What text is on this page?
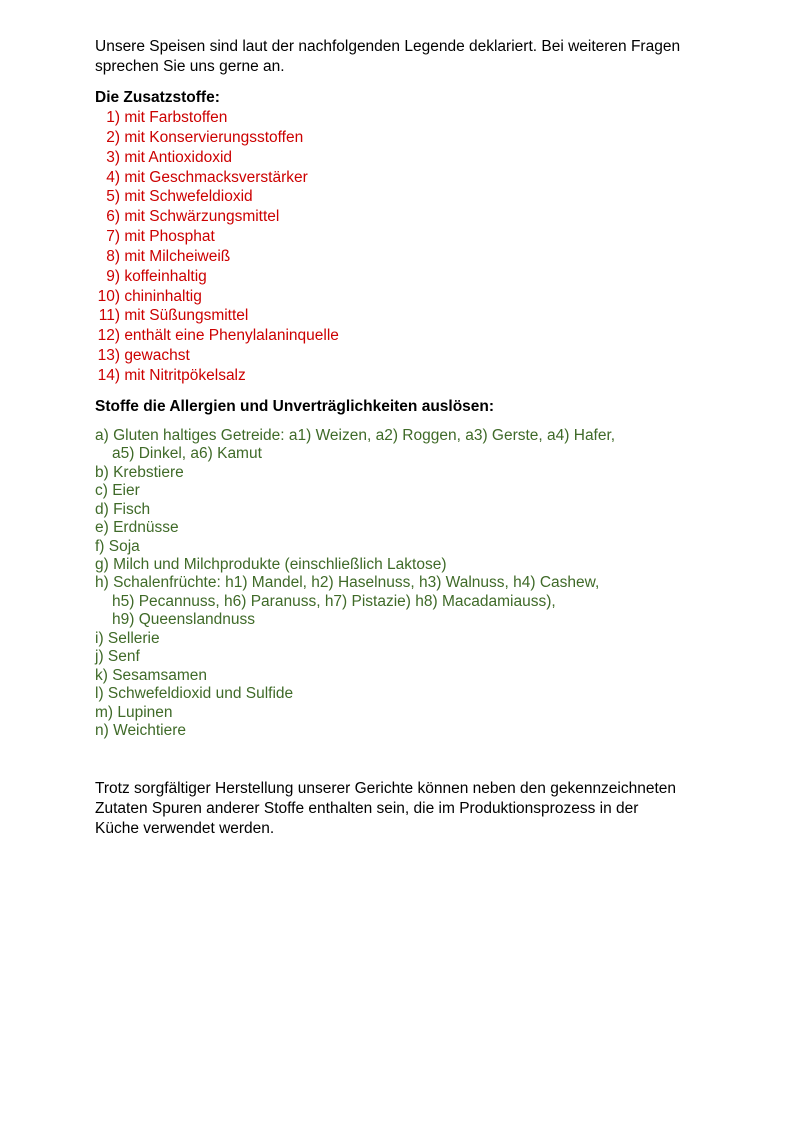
Unsere Speisen sind laut der nachfolgenden Legende deklariert. Bei weiteren Fragen
sprechen Sie uns gerne an.

Die Zusatzstoffe:

1) mit Farbstoffen
2) mit Konservierungsstoffen
3) mit Antioxidoxid
4) mit Geschmacksverstärker
5) mit Schwefeldioxid
6) mit Schwärzungsmittel
7) mit Phosphat
8) mit Milcheiweiß
9) koffeinhaltig
10) chininhaltig
11) mit Süßungsmittel
12) enthält eine Phenylalaninquelle
13) gewachst
14) mit Nitritpökelsalz

Stoffe die Allergien und Unverträglichkeiten auslösen:

a) Gluten haltiges Getreide: a1) Weizen, a2) Roggen, a3) Gerste, a4) Hafer,
a5) Dinkel, a6) Kamut
b) Krebstiere
c) Eier
d) Fisch
e) Erdnüsse
f) Soja
g) Milch und Milchprodukte (einschließlich Laktose)
h) Schalenfrüchte: h1) Mandel, h2) Haselnuss, h3) Walnuss, h4) Cashew,
h5) Pecannuss, h6) Paranuss, h7) Pistazie) h8) Macadamiauss),
h9) Queenslandnuss
i) Sellerie
j) Senf
k) Sesamsamen
l) Schwefeldioxid und Sulfide
m) Lupinen
n) Weichtiere

Trotz sorgfältiger Herstellung unserer Gerichte können neben den gekennzeichneten
Zutaten Spuren anderer Stoffe enthalten sein, die im Produktionsprozess in der
Küche verwendet werden.
